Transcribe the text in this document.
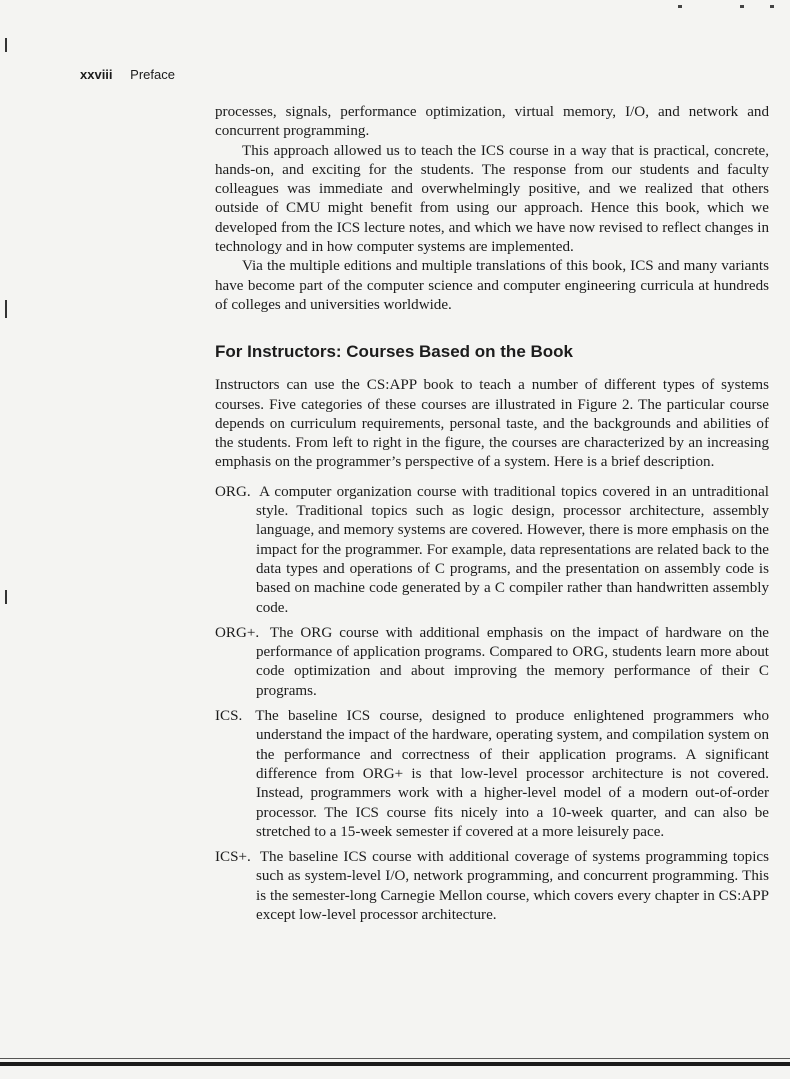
xxviii Preface

processes, signals, performance optimization, virtual memory, I/O, and network and concurrent programming.

This approach allowed us to teach the ICS course in a way that is practical, concrete, hands-on, and exciting for the students. The response from our students and faculty colleagues was immediate and overwhelmingly positive, and we realized that others outside of CMU might benefit from using our approach. Hence this book, which we developed from the ICS lecture notes, and which we have now revised to reflect changes in technology and in how computer systems are implemented.

Via the multiple editions and multiple translations of this book, ICS and many variants have become part of the computer science and computer engineering curricula at hundreds of colleges and universities worldwide.

For Instructors: Courses Based on the Book

Instructors can use the CS:APP book to teach a number of different types of systems courses. Five categories of these courses are illustrated in Figure 2. The particular course depends on curriculum requirements, personal taste, and the backgrounds and abilities of the students. From left to right in the figure, the courses are characterized by an increasing emphasis on the programmer’s perspective of a system. Here is a brief description.

ORG. A computer organization course with traditional topics covered in an untraditional style. Traditional topics such as logic design, processor architecture, assembly language, and memory systems are covered. However, there is more emphasis on the impact for the programmer. For example, data representations are related back to the data types and operations of C programs, and the presentation on assembly code is based on machine code generated by a C compiler rather than handwritten assembly code.
ORG+. The ORG course with additional emphasis on the impact of hardware on the performance of application programs. Compared to ORG, students learn more about code optimization and about improving the memory performance of their C programs.
ICS. The baseline ICS course, designed to produce enlightened programmers who understand the impact of the hardware, operating system, and compilation system on the performance and correctness of their application programs. A significant difference from ORG+ is that low-level processor architecture is not covered. Instead, programmers work with a higher-level model of a modern out-of-order processor. The ICS course fits nicely into a 10-week quarter, and can also be stretched to a 15-week semester if covered at a more leisurely pace.
ICS+. The baseline ICS course with additional coverage of systems programming topics such as system-level I/O, network programming, and concurrent programming. This is the semester-long Carnegie Mellon course, which covers every chapter in CS:APP except low-level processor architecture.
